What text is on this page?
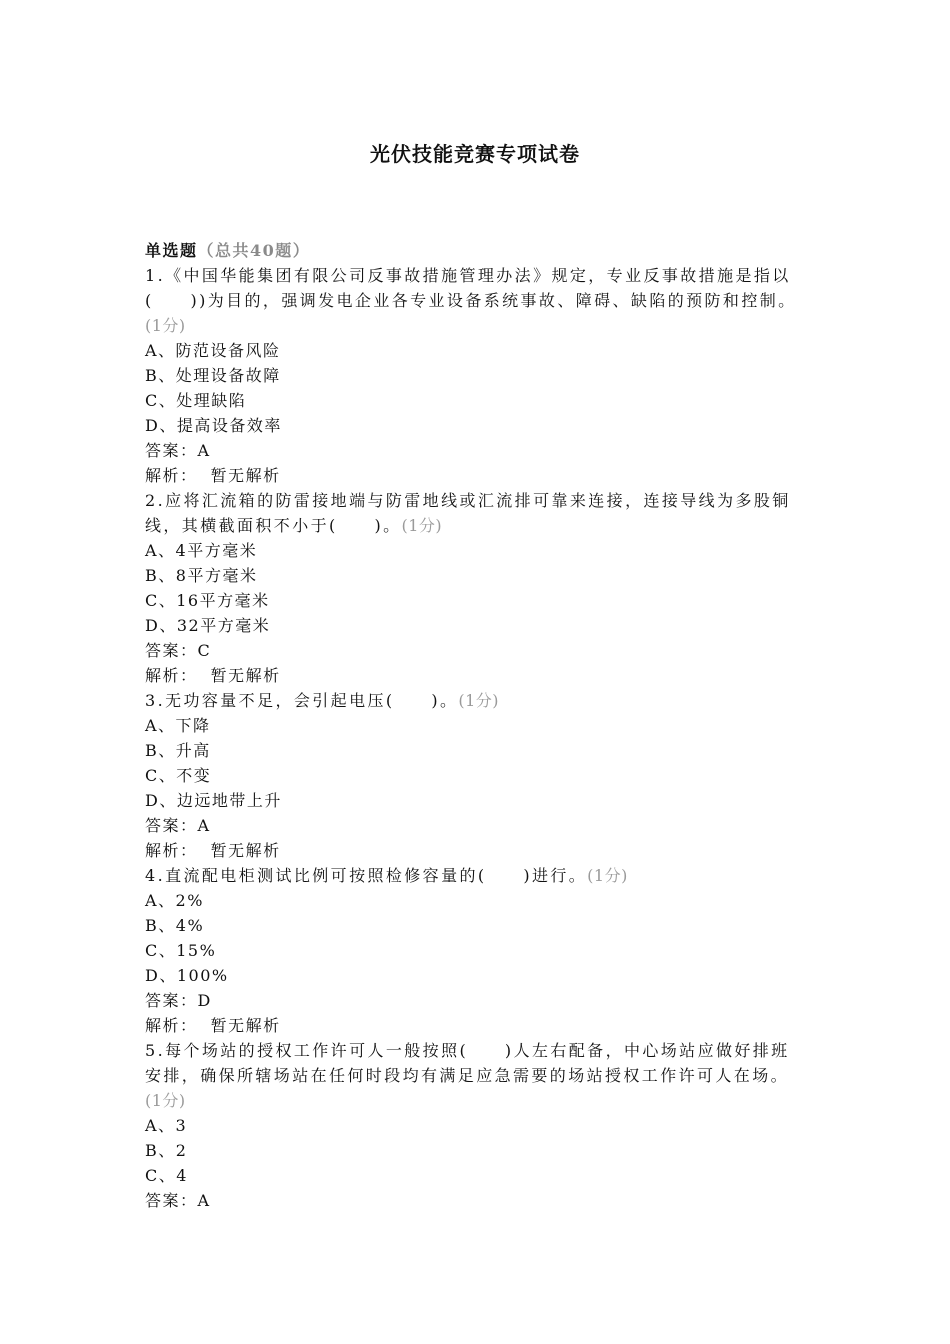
光伏技能竞赛专项试卷
单选题（总共40题）
1.《中国华能集团有限公司反事故措施管理办法》规定，专业反事故措施是指以(　　))为目的，强调发电企业各专业设备系统事故、障碍、缺陷的预防和控制。(1分)
A、防范设备风险
B、处理设备故障
C、处理缺陷
D、提高设备效率
答案：A
解析：  暂无解析
2.应将汇流箱的防雷接地端与防雷地线或汇流排可靠来连接，连接导线为多股铜线，其横截面积不小于(　　)。(1分)
A、4平方毫米
B、8平方毫米
C、16平方毫米
D、32平方毫米
答案：C
解析：  暂无解析
3.无功容量不足，会引起电压(　　)。(1分)
A、下降
B、升高
C、不变
D、边远地带上升
答案：A
解析：  暂无解析
4.直流配电柜测试比例可按照检修容量的(　　)进行。(1分)
A、2%
B、4%
C、15%
D、100%
答案：D
解析：  暂无解析
5.每个场站的授权工作许可人一般按照(　　)人左右配备，中心场站应做好排班安排，确保所辖场站在任何时段均有满足应急需要的场站授权工作许可人在场。(1分)
A、3
B、2
C、4
答案：A
